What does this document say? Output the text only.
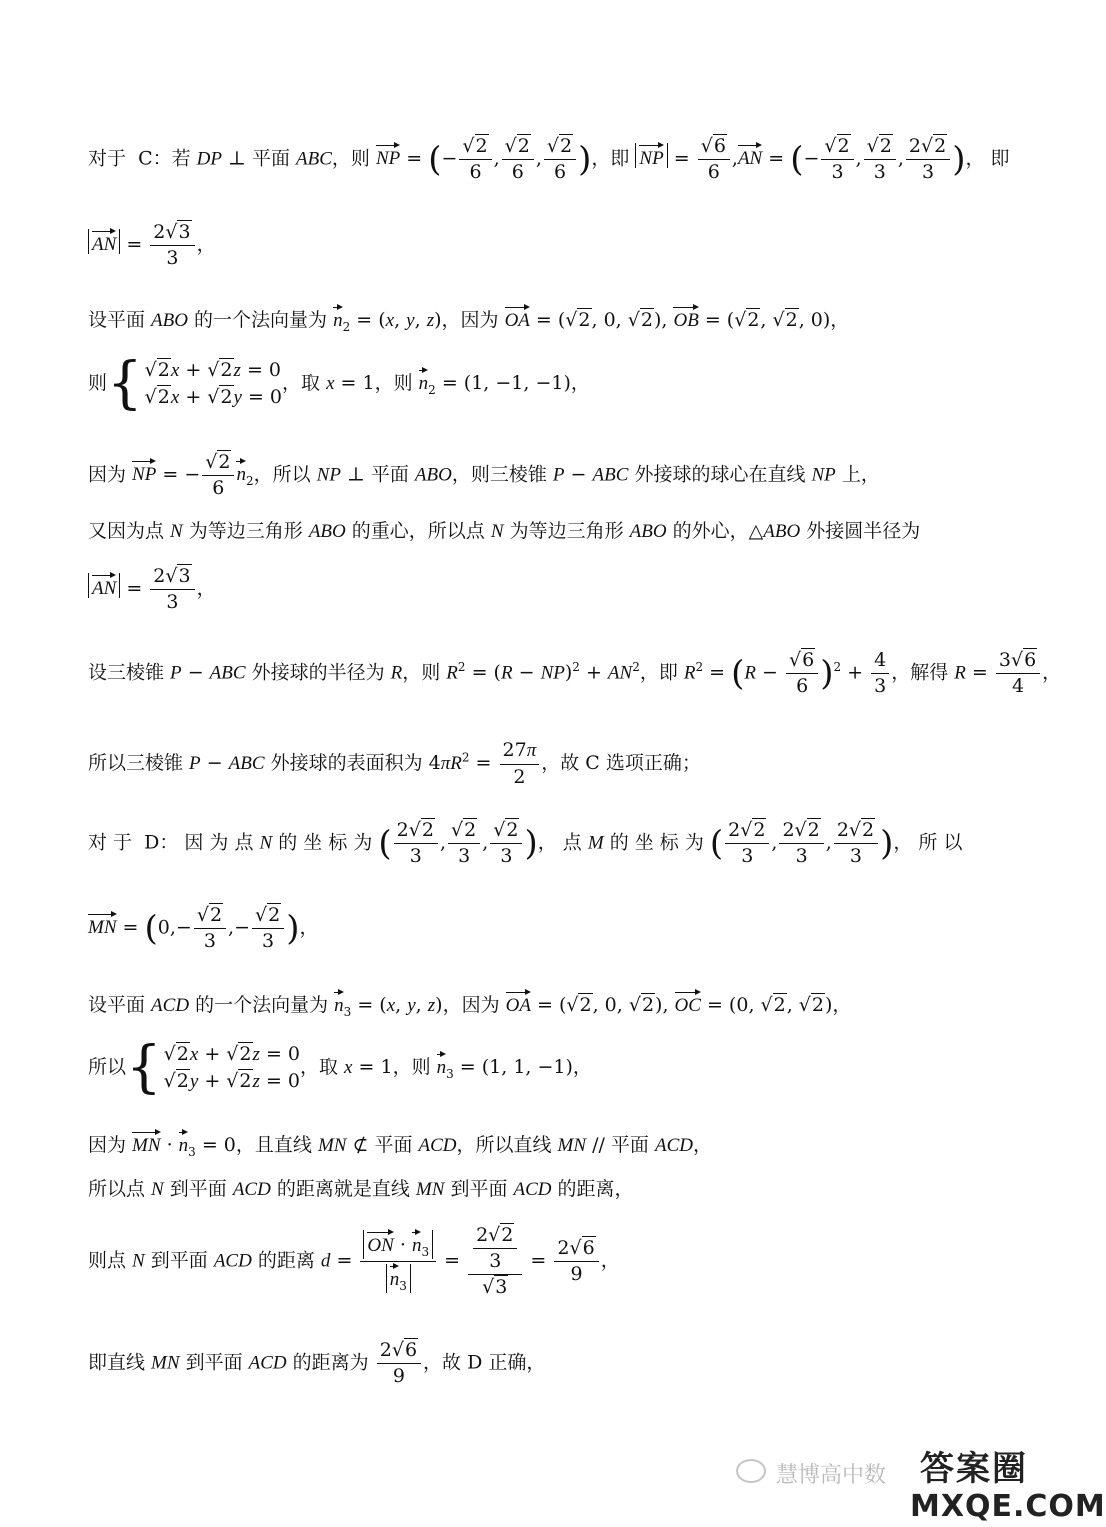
对于  C：若 DP ⊥ 平面 ABC，则 NP = (− $\frac{√2}{6}$ , $\frac{√2}{6}$ , $\frac{√2}{6}$ )，即 NP = $\frac{√6}{6} ,AN$ = (− $\frac{√2}{3}$ , $\frac{√2}{3}$ , $\frac{2√2}{3}$ )， 即
AN = $\frac{2√3}{3}$ ，
设平面 ABO 的一个法向量为 $n_2 = (x$, y, z)，因为 OA = (√2, 0, √2), OB = (√2, √2, 0)，
则 { √2x + √2z = 0
√2x + √2y = 0
，取 x = 1，则 $n_2 = (1$, −1, −1)，
因为 NP = − $\frac{√2}{6} n_2$，所以 NP ⊥ 平面 ABO，则三棱锥 P − ABC 外接球的球心在直线 NP 上，
又因为点 N 为等边三角形 ABO 的重心，所以点 N 为等边三角形 ABO 的外心，△ABO 外接圆半径为
AN = $\frac{2√3}{3}$ ，
设三棱锥 P − ABC 外接球的半径为 R，则 $R^2 = (R - NP)^2 + AN^2$，即 $R^2 = (R - \frac{√6}{6} )^2 + \frac{4}{3}$ ，解得 $R = \frac{3√6}{4}$ ，
所以三棱锥 P − ABC 外接球的表面积为 $4\pi R^2 = \frac{27\pi}{2}$ ，故 C 选项正确；
对 于  D： 因 为 点 N 的 坐 标 为 ( $\frac{2√2}{3}$ , $\frac{√2}{3}$ , $\frac{√2}{3}$ )， 点 M 的 坐 标 为 ( $\frac{2√2}{3}$ , $\frac{2√2}{3}$ , $\frac{2√2}{3}$ )， 所 以
MN = ($0,- \frac{√2}{3}$ ,− $\frac{√2}{3}$ )，
设平面 ACD 的一个法向量为 $n_3 = (x$, y, z)，因为 OA = (√2, 0, √2), OC = (0, √2, √2)，
所以 { √2x + √2z = 0
√2y + √2z = 0
，取 x = 1，则 $n_3 = (1$, 1, −1)，
因为 MN · $n_3 = 0$，且直线 MN ⊄ 平面 ACD，所以直线 MN // 平面 ACD，
所以点 N 到平面 ACD 的距离就是直线 MN 到平面 ACD 的距离，
则点 N 到平面 ACD 的距离 $d = \frac{ON \cdot n_3}{n_3} = \frac{\frac{2√2}{3}}{√3} = \frac{2√6}{9}$ ，
即直线 MN 到平面 ACD 的距离为 $\frac{2√6}{9}$ ，故 D 正确，
慧博高中数 答案圈
MXQE.COM
